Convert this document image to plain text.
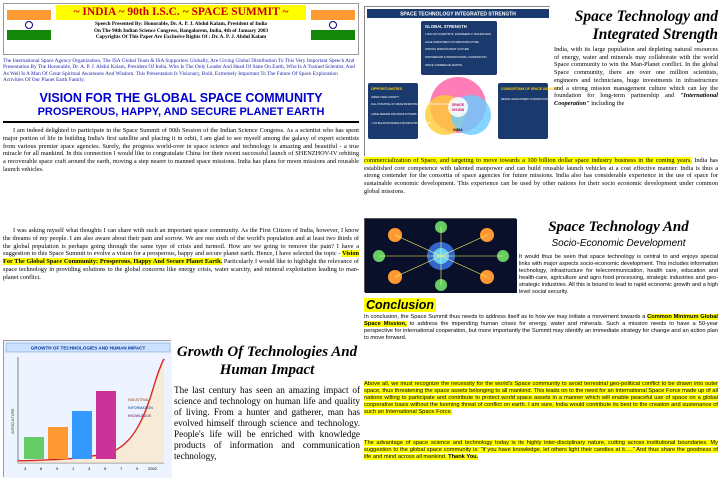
~ INDIA ~ 90th I.S.C. ~ SPACE SUMMIT ~
Speech Presented By: Honorable, Dr. A. P. J. Abdul Kalam, President of India
On The 90th Indian Science Congress, Bangalorem, India, 4th of January 2003
Copyrights Of This Paper Are Exclusive Rights Of : Dr. A. P. J. Abdul Kalam
The International Space Agency Organization, The ISA Global Team & ISA Supporters Globally, Are Giving Global Distribution To This Very Important Speech And Presentation By The Honorable, Dr. A. P. J. Abdul Kalam, President Of India, Who Is The Only Leader And Head Of State On Earth, Who Is A Trained Scientist, And As Well Is A Man Of Great Spiritual Awareness And Wisdom. This Presentation Is Visionary, Bold, Extremely Important To The Future Of Space Exploration Activities Of Our Planet Earth Family.
VISION FOR THE GLOBAL SPACE COMMUNITY
PROSPEROUS, HAPPY, AND SECURE PLANET EARTH
I am indeed delighted to participate in the Space Summit of 90th Session of the Indian Science Congress. As a scientist who has spent major portion of life in building India's first satellite and placing it in orbit, I am glad to see myself among the galaxy of expert scientists from various premier space agencies. Surely, the progress world-over in space science and technology is amazing and beautiful - a true miracle for all mankind. In this connection I would like to congratulate China for their recent successful launch of SHENZHOV-IV orbiting a recoverable space craft around the earth, moving a step nearer to manned space missions. India has plans for moon missions and reusable launch vehicles.
I was asking myself what thoughts I can share with such an important space community. As the First Citizen of India, however, I know the dreams of my people. I am also aware about their pain and sorrow. We are one sixth of the world's population and at least two thirds of the global population is perhaps going through the same type of crisis and turmoil. How are we going to remove the pain? I have a suggestion to this Space Summit to evolve a vision for a prosperous, happy and secure planet earth. Hence, I have selected the topic - Vision For The Global Space Community: Prosperous, Happy And Secure Planet Earth. Particularly I would like to highlight the relevance of space technology in providing solutions to the global concerns like energy crisis, water scarcity, and mineral exploitation leading to man-planet conflict.
GROWTH OF TECHNOLOGIES AND HUMAN IMPACT
AGRICULTURE
INDUSTRIAL
INFORMATION
KNOWLEDGE
3	6	9	1	3	5	7	9 2002
Growth Of Technologies And Human Impact
The last century has seen an amazing impact of science and technology on human life and quality of living. From a hunter and gatherer, man has evolved himself through science and technology. People's life will be enriched with knowledge products of information and communication technology,
SPACE TECHNOLOGY INTEGRATED STRENGTH
GLOBAL STRENGTH
1 MILLION SCIENTISTS, ENGINEERS & TECHNICIANS
HUGE INVESTMENT ON INFRASTRUCTURE
STRONG MISSION MGMT CULTURE
PARTNERSHIP & INTERNATIONAL COOPERATION
SPACE COMMERCIALIZATION
SPACE
VISION
INDIA
OPPORTUNITIES
UNDER USED CAPACITY
FULL POTENTIAL OF SPACE INFRASTRUCTURE TO BE EXPLOITED
LARGE DEMAND FOR SPACE SYSTEMS
> 100 BILLION BUSINESS FOR INDUSTRY PER YEAR
CONSORTIUM OF SPACE INDUSTRY
DESIGN, DEVELOPMENT & PRODUCTION OF HIGH PERFORMANCE, COST EFFECTIVE SPACE SYSTEMS
Space Technology and Integrated Strength
India, with its large population and depleting natural resources of energy, water and minerals may collaborate with the world Space community to win the Man-Planet conflict. In the global Space community, there are over one million scientists, engineers and technicians, huge investments in infrastructure and a strong mission management culture which can lay the foundation for long-term partnership and "International Cooperation" including the
commercialization of Space, and targeting to move towards a 100 billion dollar space industry business in the coming years. India has established core competence with talented manpower and can build reusable launch vehicles at a cost effective manner. India is thus a strong contender for the consortia of space agencies for future missions. India also has considerable experience in the use of space for sustainable economic development. This experience can be used by other nations for their socio economic development under common global missions.
Space Technology And
Socio-Economic Development
It would thus be seen that space technology is central to and enjoys special links with major aspects socio-economic development. This includes information technology, infrastructure for telecommunication, health care, education and health-care, agriculture and agro food processing, strategic industries and geo-strategic industries. All this is bound to lead to rapid economic growth and a high level social security.
Conclusion
In conclusion, the Space Summit thus needs to address itself as to how we may initiate a movement towards a Common Minimum Global Space Mission, to address the impending human crises for energy, water and minerals. Such a mission needs to have a 50-year perspective for international cooperation, but more importantly the Summit may identify an immediate strategy for change and an action plan to move forward.
Above all, we must recognize the necessity for the world's Space community to avoid terrestrial geo-political conflict to be drawn into outer space, thus threatening the space assets belonging to all mankind. This leads on to the need for an International Space Force made up of all nations willing to participate and contribute to protect world space assets in a manner which will enable peaceful use of space on a global cooperative basis without the looming threat of conflict on earth. I am sure, India would contribute its best to the creation and sustenance of such an International Space Force.
The advantage of space science and technology today is its highly inter-disciplinary nature, cutting across institutional boundaries. My suggestion to the global space community is: "if you have knowledge, let others light their candles at it....." And thus share the goodness of life and mind across all mankind. Thank You.
